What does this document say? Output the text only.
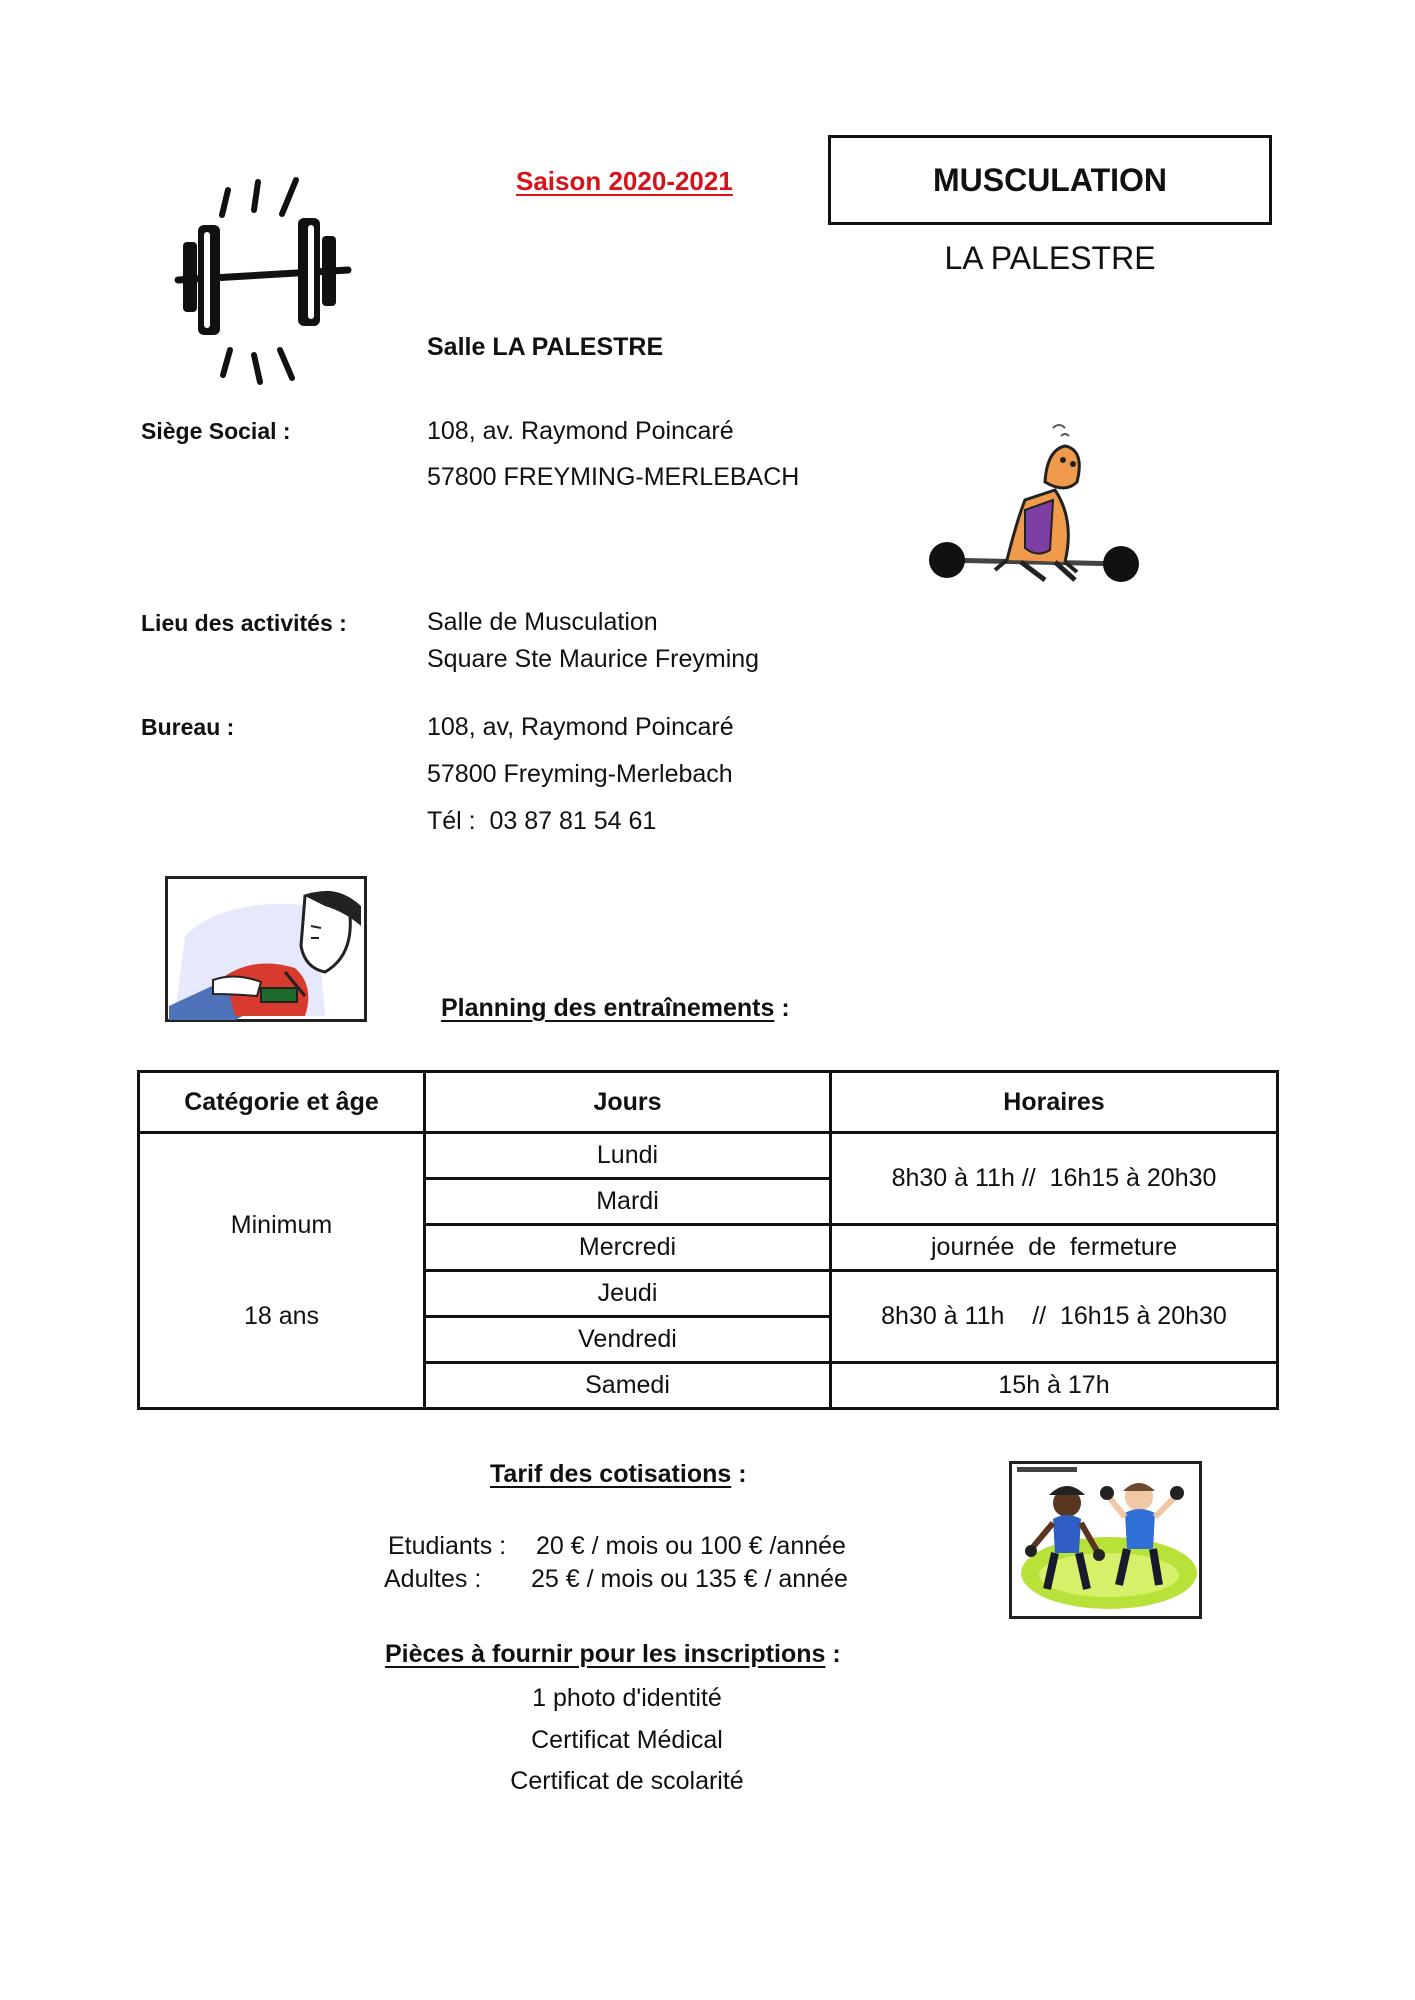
Saison 2020-2021	MUSCULATION
LA PALESTRE
Salle LA PALESTRE
Siège Social :	108, av. Raymond Poincaré
57800 FREYMING-MERLEBACH
Lieu des activités :	Salle de Musculation
Square Ste Maurice Freyming
Bureau :	108, av, Raymond Poincaré
57800 Freyming-Merlebach
Tél :  03 87 81 54 61
Planning des entraînements :
Catégorie et âge	Jours	Horaires

Minimum
18 ans	Lundi	8h30 à 11h //  16h15 à 20h30
	Mardi	
	Mercredi	journée  de  fermeture
	Jeudi	8h30 à 11h    //  16h15 à 20h30
	Vendredi	
	Samedi	15h à 17h
Tarif des cotisations :
Etudiants : 20 € / mois ou 100 € /année
Adultes : 25 € / mois ou 135 € / année
Pièces à fournir pour les inscriptions :
1 photo d'identité
Certificat Médical
Certificat de scolarité
